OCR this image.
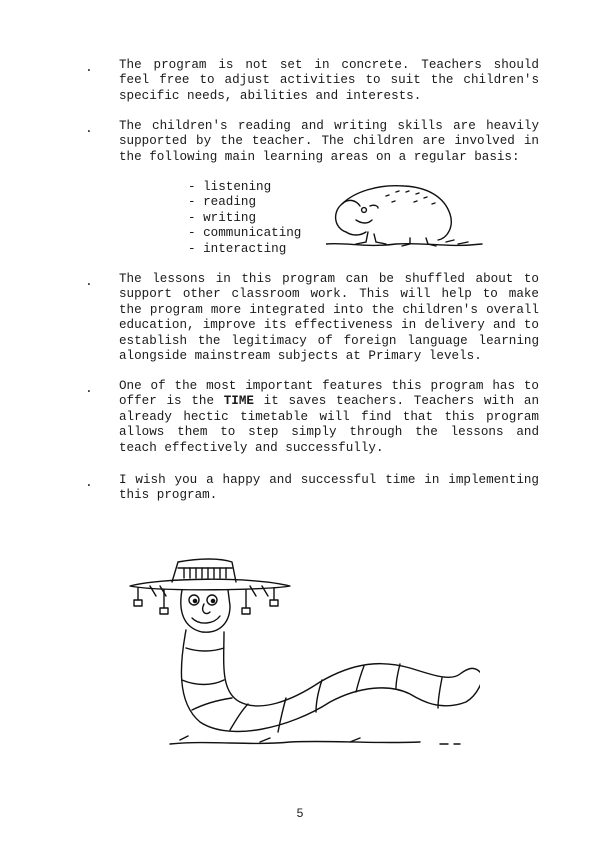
. The program is not set in concrete. Teachers should feel free to adjust activities to suit the children's specific needs, abilities and interests.

. The children's reading and writing skills are heavily supported by the teacher. The children are involved in the following main learning areas on a regular basis:

- listening
- reading
- writing
- communicating
- interacting
. The lessons in this program can be shuffled about to support other classroom work. This will help to make the program more integrated into the children's overall education, improve its effectiveness in delivery and to establish the legitimacy of foreign language learning alongside mainstream subjects at Primary levels.

. One of the most important features this program has to offer is the TIME it saves teachers. Teachers with an already hectic timetable will find that this program allows them to step simply through the lessons and teach effectively and successfully.

. I wish you a happy and successful time in implementing this program.

5
